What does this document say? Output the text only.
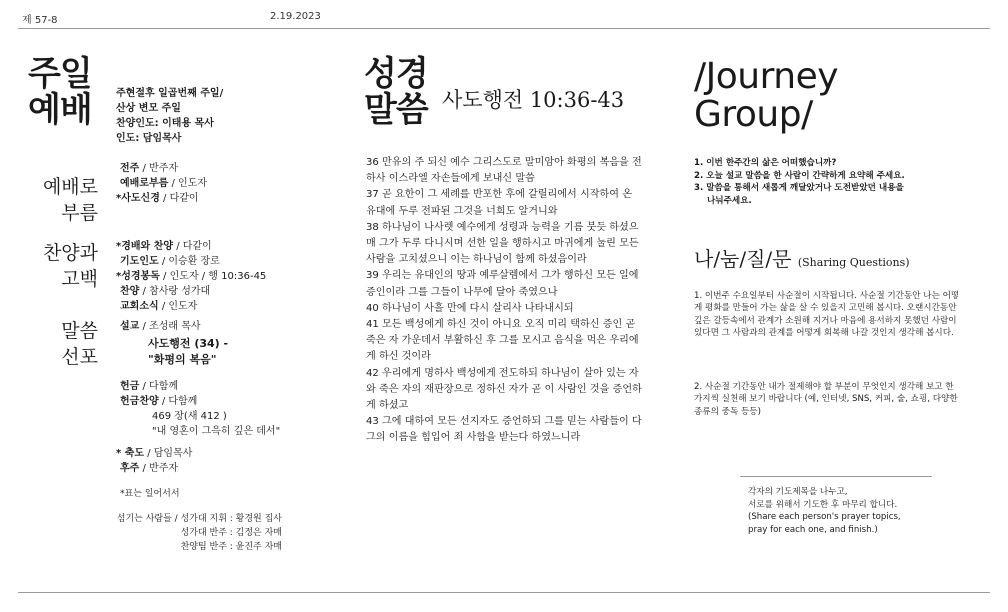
제 57-8	2.19.2023
주일
예배 주현절후 일곱번째 주일/
산상 변모 주일
찬양인도: 이태용 목사
인도: 담임목사
예배로
부름
전주 / 반주자
예배로부름 / 인도자
*사도신경 / 다같이
찬양과
고백
*경배와 찬양 / 다같이
기도인도 / 이승환 장로
*성경봉독 / 인도자 / 행 10:36-45
찬양 / 참사랑 성가대
교회소식 / 인도자
말씀
선포
설교 / 조성래 목사
사도행전 (34) -
"화평의 복음"
헌금 / 다함께
헌금찬양 / 다함께
469 장(새 412 )
"내 영혼이 그윽히 깊은 데서"
* 축도 / 담임목사
후주 / 반주자
*표는 일어서서
섬기는 사람들 / 성가대 지휘 : 황경원 집사
성가대 반주 : 김정은 자매
찬양팀 반주 : 윤진주 자매
성경
말씀 사도행전 10:36-43

36 만유의 주 되신 예수 그리스도로 말미암아 화평의 복음을 전하사 이스라엘 자손들에게 보내신 말씀

37 곧 요한이 그 세례를 반포한 후에 갈릴리에서 시작하여 온 유대에 두루 전파된 그것을 너희도 알거니와

38 하나님이 나사렛 예수에게 성령과 능력을 기름 붓듯 하셨으매 그가 두루 다니시며 선한 일을 행하시고 마귀에게 눌린 모든 사람을 고치셨으니 이는 하나님이 함께 하셨음이라

39 우리는 유대인의 땅과 예루살렘에서 그가 행하신 모든 일에 증인이라 그를 그들이 나무에 달아 죽였으나

40 하나님이 사흘 만에 다시 살리사 나타내시되

41 모든 백성에게 하신 것이 아니요 오직 미리 택하신 증인 곧 죽은 자 가운데서 부활하신 후 그를 모시고 음식을 먹은 우리에게 하신 것이라

42 우리에게 명하사 백성에게 전도하되 하나님이 살아 있는 자와 죽은 자의 재판장으로 정하신 자가 곧 이 사람인 것을 증언하게 하셨고

43 그에 대하여 모든 선지자도 증언하되 그를 믿는 사람들이 다 그의 이름을 힘입어 죄 사함을 받는다 하였느니라

/Journey
Group/
1. 이번 한주간의 삶은 어떠했습니까?
2. 오늘 설교 말씀을 한 사람이 간략하게 요약해 주세요.
3. 말씀을 통해서 새롭게 깨달았거나 도전받았던 내용을
나눠주세요.
나/눔/질/문 (Sharing Questions)
1. 이번주 수요일부터 사순절이 시작됩니다. 사순절 기간동안 나는 어떻게 평화를 만들어 가는 삶을 살 수 있을지 고민해 봅시다. 오랜시간동안 깊은 갈등속에서 관계가 소원해 지거나 마음에 용서하지 못했던 사람이 있다면 그 사람과의 관계를 어떻게 회복해 나갈 것인지 생각해 봅시다.
2. 사순절 기간동안 내가 절제해야 할 부분이 무엇인지 생각해 보고 한 가지씩 실천해 보기 바랍니다 (예, 인터넷, SNS, 커피, 술, 쇼핑, 다양한 종류의 중독 등등)
각자의 기도제목을 나누고,
서로를 위해서 기도한 후 마무리 합니다.
(Share each person's prayer topics,
pray for each one, and finish.)
